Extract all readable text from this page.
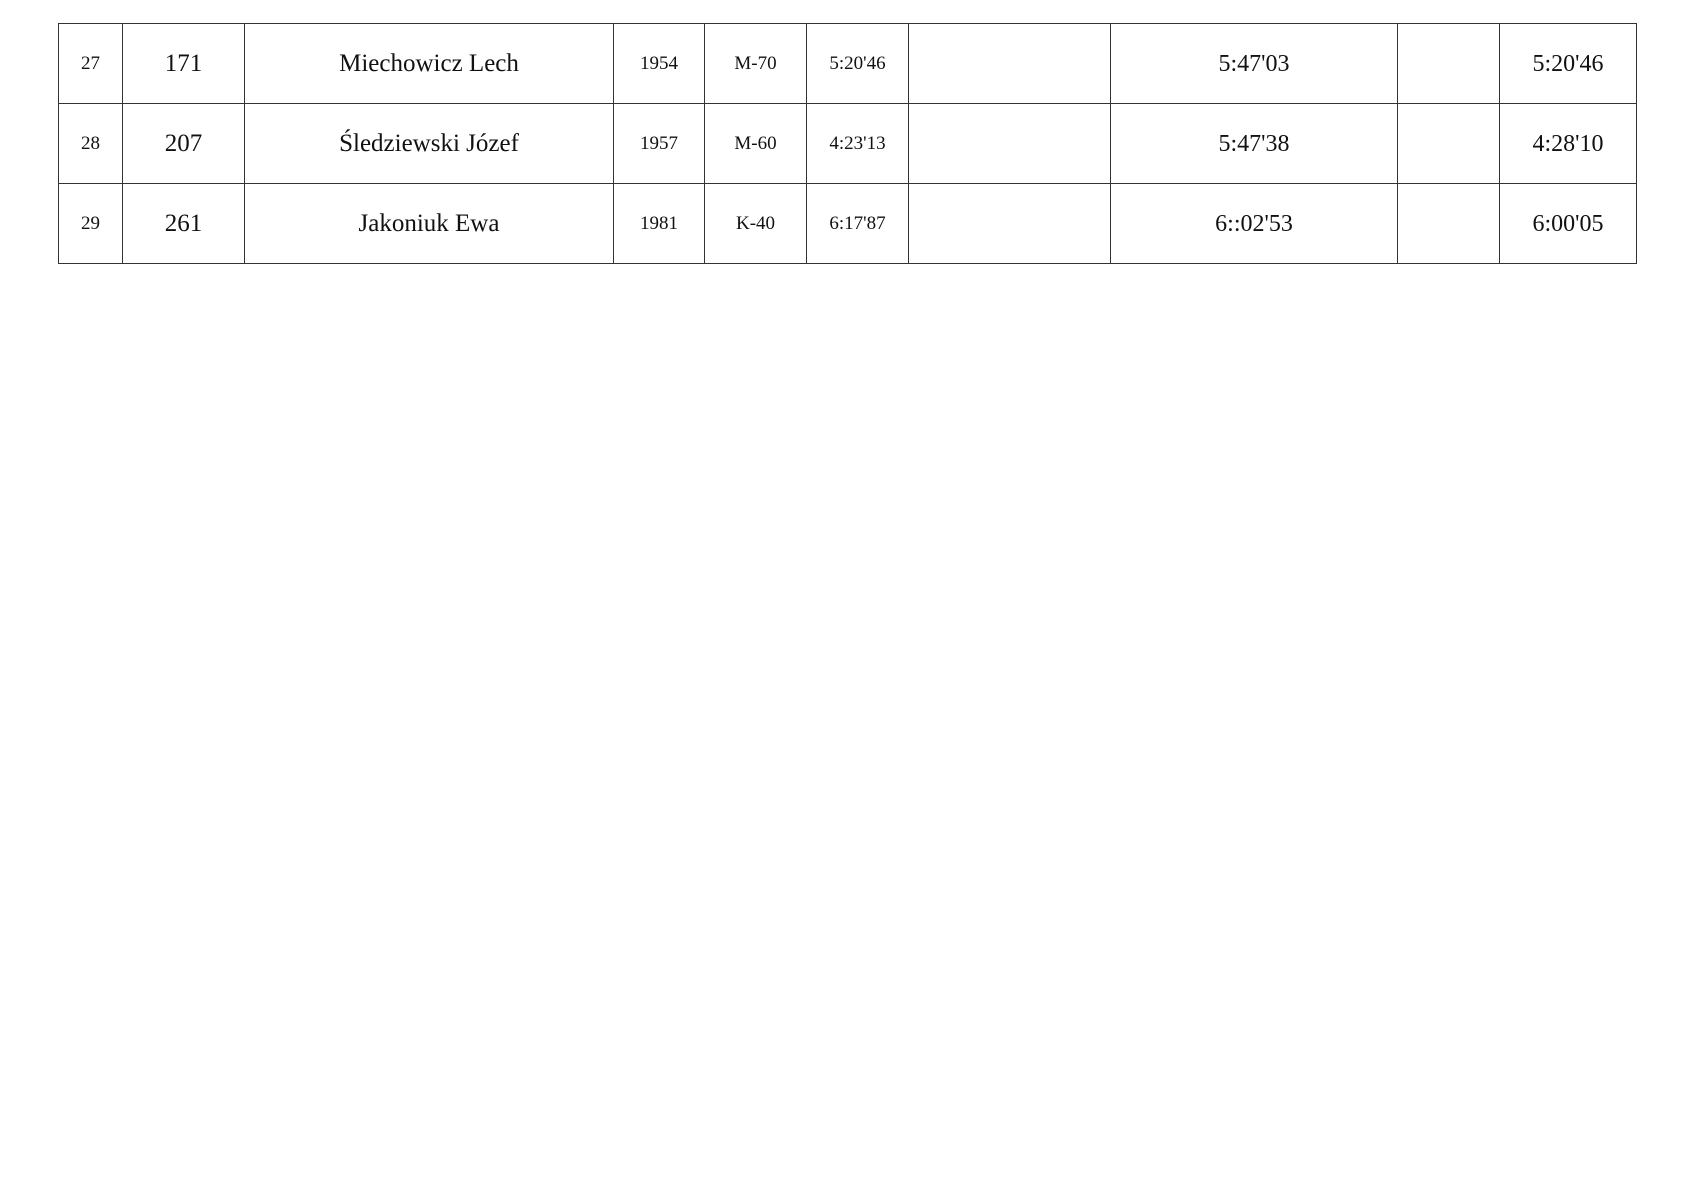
27	171	Miechowicz Lech	1954	M-70	5:20'46		5:47'03		5:20'46
28	207	Śledziewski Józef	1957	M-60	4:23'13		5:47'38		4:28'10
29	261	Jakoniuk Ewa	1981	K-40	6:17'87		6::02'53		6:00'05
